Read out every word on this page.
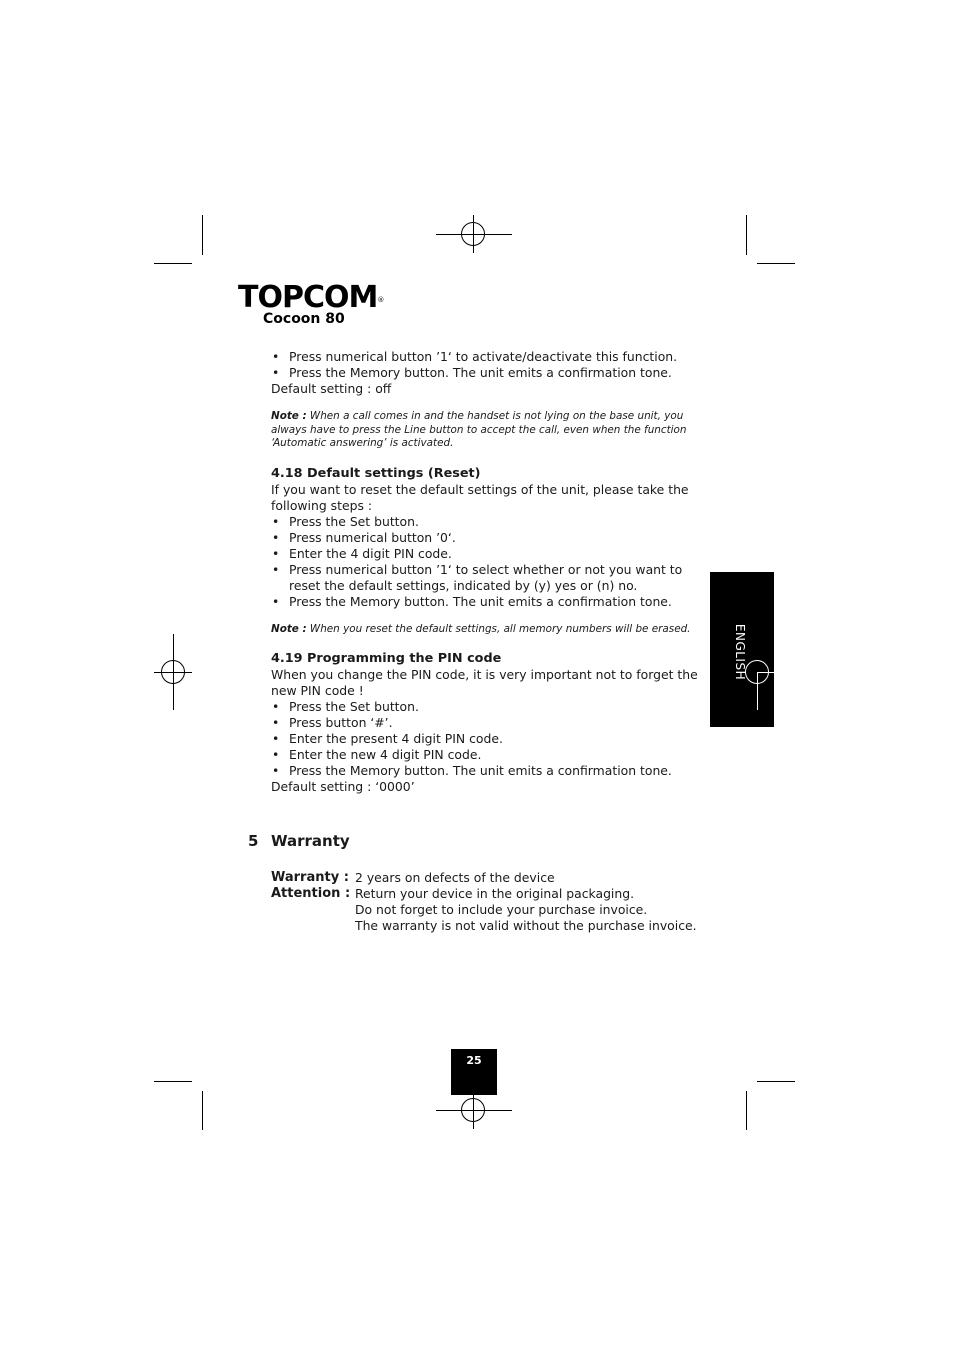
TOPCOM®
Cocoon 80
• Press numerical button ’1‘ to activate/deactivate this function.
• Press the Memory button. The unit emits a confirmation tone.

Default setting : off

Note : When a call comes in and the handset is not lying on the base unit, you always have to press the Line button to accept the call, even when the function ‘Automatic answering’ is activated.

4.18 Default settings (Reset)

If you want to reset the default settings of the unit, please take the following steps :

• Press the Set button.
• Press numerical button ’0‘.
• Enter the 4 digit PIN code.
• Press numerical button ’1‘ to select whether or not you want to reset the default settings, indicated by (y) yes or (n) no.
• Press the Memory button. The unit emits a confirmation tone.

Note : When you reset the default settings, all memory numbers will be erased.

4.19 Programming the PIN code

When you change the PIN code, it is very important not to forget the new PIN code !

• Press the Set button.
• Press button ‘#’.
• Enter the present 4 digit PIN code.
• Enter the new 4 digit PIN code.
• Press the Memory button. The unit emits a confirmation tone.

Default setting : ‘0000’

5 Warranty
Warranty : 2 years on defects of the device
Attention : Return your device in the original packaging.
Do not forget to include your purchase invoice.
The warranty is not valid without the purchase invoice.
ENGLISH
25
